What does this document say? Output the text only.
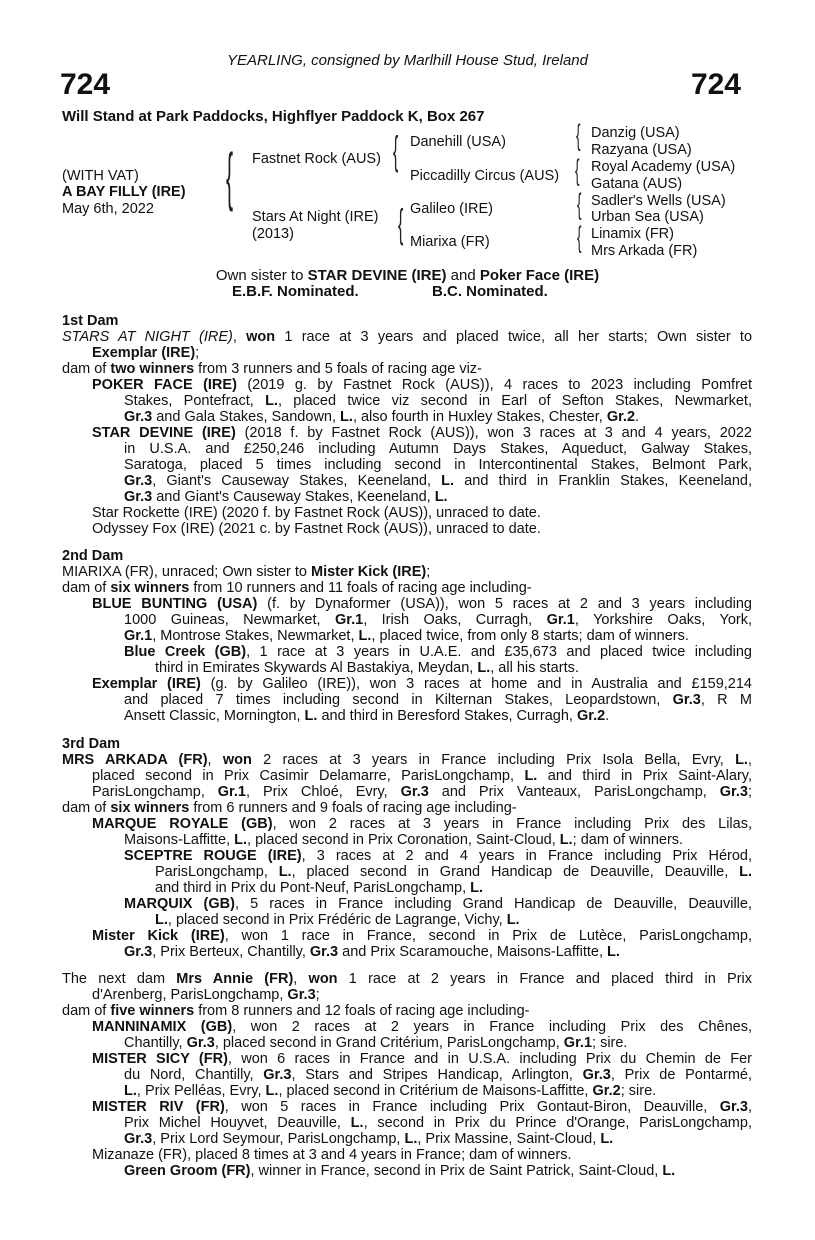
YEARLING, consigned by Marlhill House Stud, Ireland
724	724
Will Stand at Park Paddocks, Highflyer Paddock K, Box 267
(WITH VAT)
A BAY FILLY (IRE)
May 6th, 2022 { Fastnet Rock (AUS)
Stars At Night (IRE)
(2013)
{
{
Danehill (USA)
Piccadilly Circus (AUS)
Galileo (IRE)
Miarixa (FR)
{
{
{
{
Danzig (USA)
Razyana (USA)
Royal Academy (USA)
Gatana (AUS)
Sadler's Wells (USA)
Urban Sea (USA)
Linamix (FR)
Mrs Arkada (FR)
Own sister to STAR DEVINE (IRE) and Poker Face (IRE)
E.B.F. Nominated.	B.C. Nominated.
1st Dam
STARS AT NIGHT (IRE), won 1 race at 3 years and placed twice, all her starts; Own sister to
Exemplar (IRE);
dam of two winners from 3 runners and 5 foals of racing age viz-
POKER FACE (IRE) (2019 g. by Fastnet Rock (AUS)), 4 races to 2023 including Pomfret
Stakes, Pontefract, L., placed twice viz second in Earl of Sefton Stakes, Newmarket,
Gr.3 and Gala Stakes, Sandown, L., also fourth in Huxley Stakes, Chester, Gr.2.
STAR DEVINE (IRE) (2018 f. by Fastnet Rock (AUS)), won 3 races at 3 and 4 years, 2022
in U.S.A. and £250,246 including Autumn Days Stakes, Aqueduct, Galway Stakes,
Saratoga, placed 5 times including second in Intercontinental Stakes, Belmont Park,
Gr.3, Giant's Causeway Stakes, Keeneland, L. and third in Franklin Stakes, Keeneland,
Gr.3 and Giant's Causeway Stakes, Keeneland, L.
Star Rockette (IRE) (2020 f. by Fastnet Rock (AUS)), unraced to date.
Odyssey Fox (IRE) (2021 c. by Fastnet Rock (AUS)), unraced to date.
2nd Dam
MIARIXA (FR), unraced; Own sister to Mister Kick (IRE);
dam of six winners from 10 runners and 11 foals of racing age including-
BLUE BUNTING (USA) (f. by Dynaformer (USA)), won 5 races at 2 and 3 years including
1000 Guineas, Newmarket, Gr.1, Irish Oaks, Curragh, Gr.1, Yorkshire Oaks, York,
Gr.1, Montrose Stakes, Newmarket, L., placed twice, from only 8 starts; dam of winners.
Blue Creek (GB), 1 race at 3 years in U.A.E. and £35,673 and placed twice including
third in Emirates Skywards Al Bastakiya, Meydan, L., all his starts.
Exemplar (IRE) (g. by Galileo (IRE)), won 3 races at home and in Australia and £159,214
and placed 7 times including second in Kilternan Stakes, Leopardstown, Gr.3, R M
Ansett Classic, Mornington, L. and third in Beresford Stakes, Curragh, Gr.2.
3rd Dam
MRS ARKADA (FR), won 2 races at 3 years in France including Prix Isola Bella, Evry, L.,
placed second in Prix Casimir Delamarre, ParisLongchamp, L. and third in Prix Saint-Alary,
ParisLongchamp, Gr.1, Prix Chloé, Evry, Gr.3 and Prix Vanteaux, ParisLongchamp, Gr.3;
dam of six winners from 6 runners and 9 foals of racing age including-
MARQUE ROYALE (GB), won 2 races at 3 years in France including Prix des Lilas,
Maisons-Laffitte, L., placed second in Prix Coronation, Saint-Cloud, L.; dam of winners.
SCEPTRE ROUGE (IRE), 3 races at 2 and 4 years in France including Prix Hérod,
ParisLongchamp, L., placed second in Grand Handicap de Deauville, Deauville, L.
and third in Prix du Pont-Neuf, ParisLongchamp, L.
MARQUIX (GB), 5 races in France including Grand Handicap de Deauville, Deauville,
L., placed second in Prix Frédéric de Lagrange, Vichy, L.
Mister Kick (IRE), won 1 race in France, second in Prix de Lutèce, ParisLongchamp,
Gr.3, Prix Berteux, Chantilly, Gr.3 and Prix Scaramouche, Maisons-Laffitte, L.
The next dam Mrs Annie (FR), won 1 race at 2 years in France and placed third in Prix
d'Arenberg, ParisLongchamp, Gr.3;
dam of five winners from 8 runners and 12 foals of racing age including-
MANNINAMIX (GB), won 2 races at 2 years in France including Prix des Chênes,
Chantilly, Gr.3, placed second in Grand Critérium, ParisLongchamp, Gr.1; sire.
MISTER SICY (FR), won 6 races in France and in U.S.A. including Prix du Chemin de Fer
du Nord, Chantilly, Gr.3, Stars and Stripes Handicap, Arlington, Gr.3, Prix de Pontarmé,
L., Prix Pelléas, Evry, L., placed second in Critérium de Maisons-Laffitte, Gr.2; sire.
MISTER RIV (FR), won 5 races in France including Prix Gontaut-Biron, Deauville, Gr.3,
Prix Michel Houyvet, Deauville, L., second in Prix du Prince d'Orange, ParisLongchamp,
Gr.3, Prix Lord Seymour, ParisLongchamp, L., Prix Massine, Saint-Cloud, L.
Mizanaze (FR), placed 8 times at 3 and 4 years in France; dam of winners.
Green Groom (FR), winner in France, second in Prix de Saint Patrick, Saint-Cloud, L.
